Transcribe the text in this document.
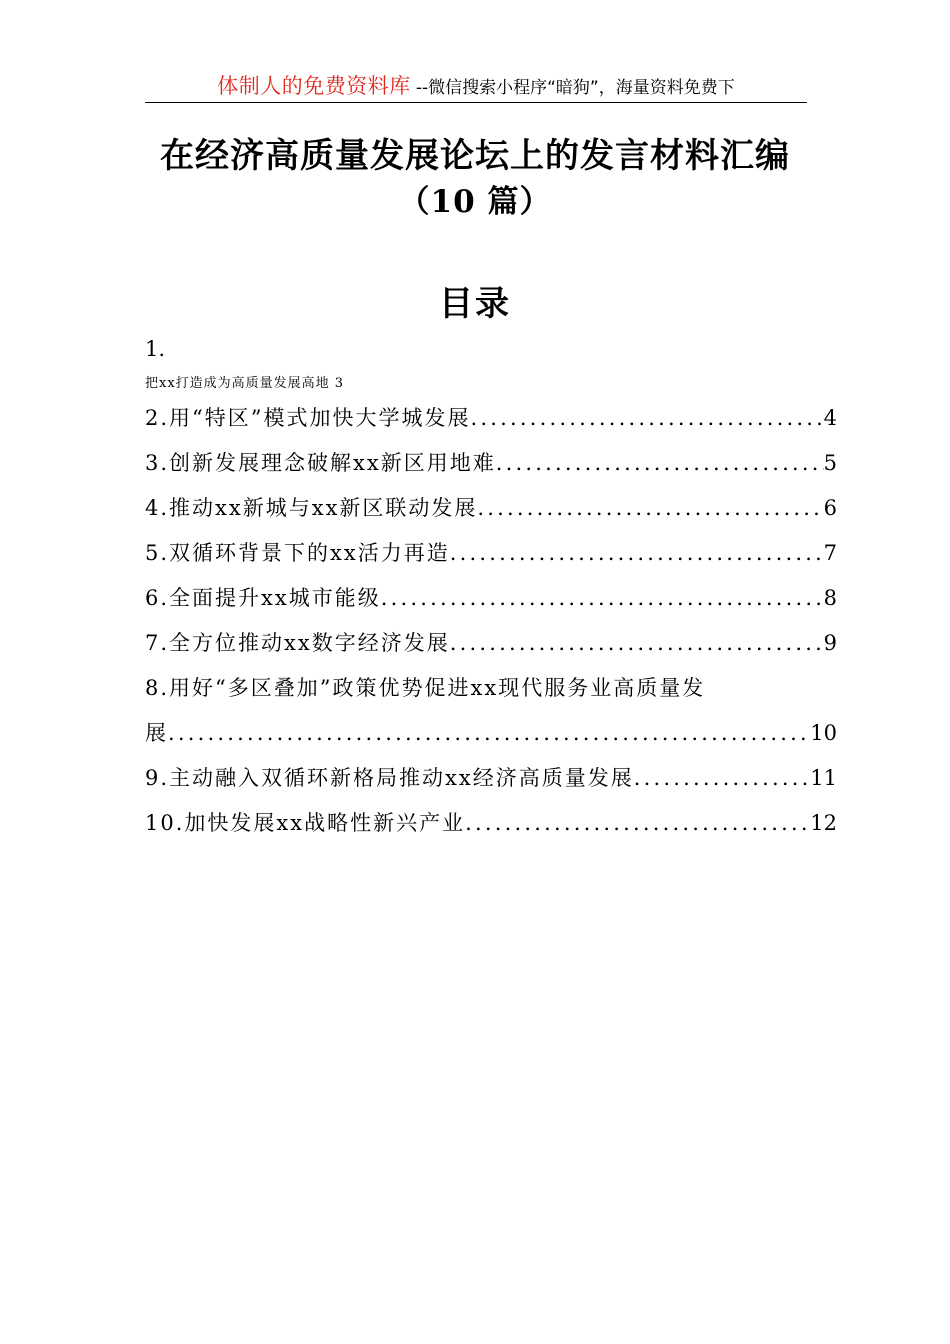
体制人的免费资料库 --微信搜索小程序“暗狗”，海量资料免费下
在经济高质量发展论坛上的发言材料汇编
（10 篇）
目录
1.
把xx打造成为高质量发展高地 3
2.用“特区”模式加快大学城发展 .....	4
3.创新发展理念破解xx新区用地难 .....	5
4.推动xx新城与xx新区联动发展 .....	6
5.双循环背景下的xx活力再造 .....	7
6.全面提升xx城市能级 .....	8
7.全方位推动xx数字经济发展 .....	9
8.用好“多区叠加”政策优势促进xx现代服务业高质量发
展 .....	10
9.主动融入双循环新格局推动xx经济高质量发展 .....	11
10.加快发展xx战略性新兴产业 .....	12
